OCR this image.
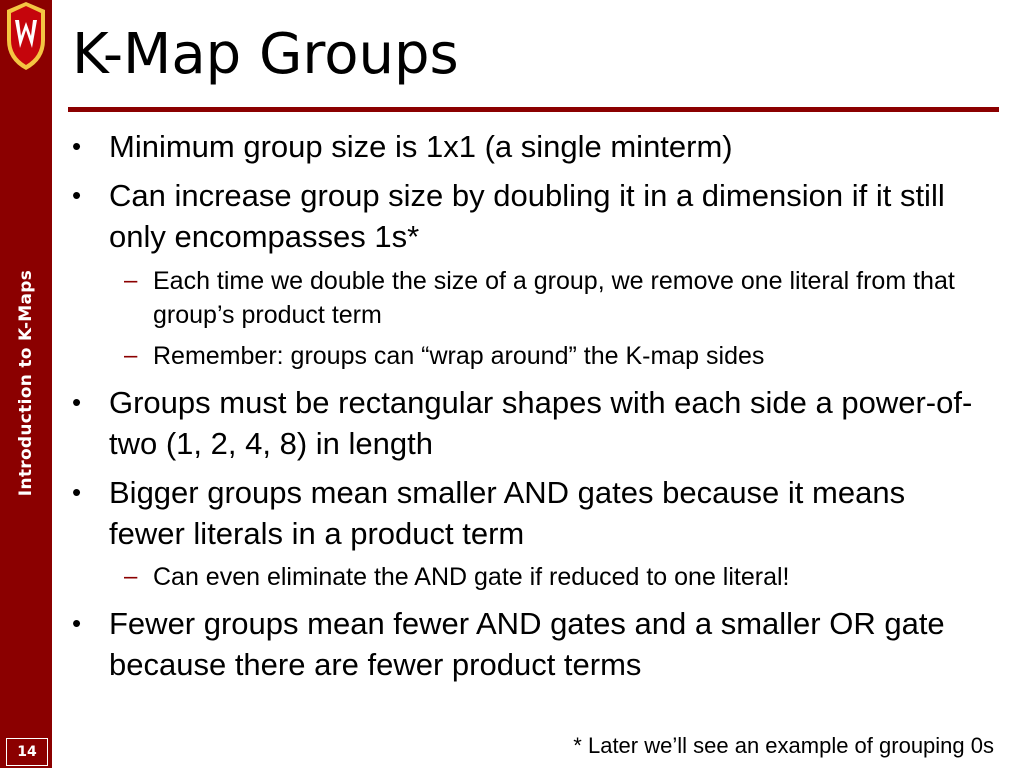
Introduction to K-Maps
14
K-Map Groups
• Minimum group size is 1x1 (a single minterm)

• Can increase group size by doubling it in a dimension if it still only encompasses 1s*

– Each time we double the size of a group, we remove one literal from that group’s product term

– Remember: groups can “wrap around” the K-map sides

• Groups must be rectangular shapes with each side a power-of-two (1, 2, 4, 8) in length

• Bigger groups mean smaller AND gates because it means fewer literals in a product term

– Can even eliminate the AND gate if reduced to one literal!

• Fewer groups mean fewer AND gates and a smaller OR gate because there are fewer product terms

* Later we’ll see an example of grouping 0s
